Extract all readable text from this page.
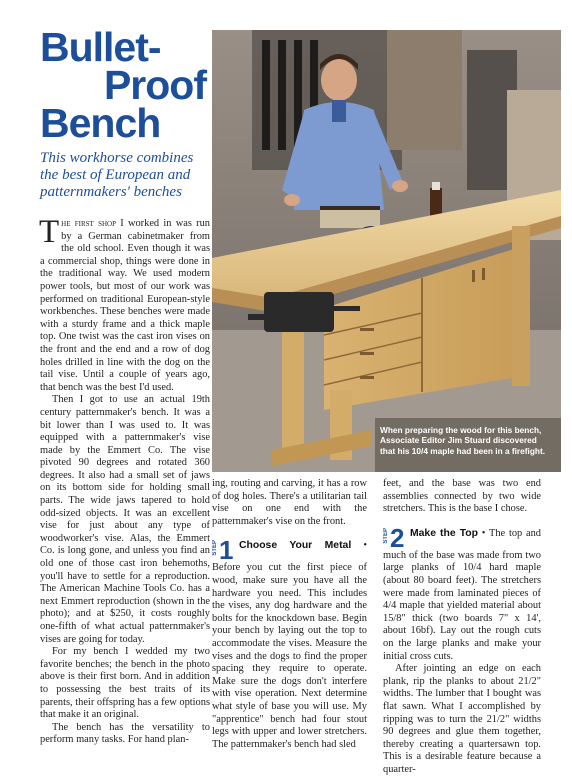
Bullet-
Proof
Bench

This workhorse combines the best of European and patternmakers' benches

The first shop I worked in was run by a German cabinetmaker from the old school. Even though it was a commercial shop, things were done in the traditional way. We used modern power tools, but most of our work was performed on traditional European-style workbenches. These benches were made with a sturdy frame and a thick maple top. One twist was the cast iron vises on the front and the end and a row of dog holes drilled in line with the dog on the tail vise. Until a couple of years ago, that bench was the best I'd used.

Then I got to use an actual 19th century patternmaker's bench. It was a bit lower than I was used to. It was equipped with a patternmaker's vise made by the Emmert Co. The vise pivoted 90 degrees and rotated 360 degrees. It also had a small set of jaws on its bottom side for holding small parts. The wide jaws tapered to hold odd-sized objects. It was an excellent vise for just about any type of woodworker's vise. Alas, the Emmert Co. is long gone, and unless you find an old one of those cast iron behemoths, you'll have to settle for a reproduction. The American Machine Tools Co. has a next Emmert reproduction (shown in the photo); and at $250, it costs roughly one-fifth of what actual patternmaker's vises are going for today.

For my bench I wedded my two favorite benches; the bench in the photo above is their first born. And in addition to possessing the best traits of its parents, their offspring has a few options that make it an original.

The bench has the versatility to perform many tasks. For hand plan-

When preparing the wood for this bench, Associate Editor Jim Stuard discovered that his 10/4 maple had been in a firefight.

ing, routing and carving, it has a row of dog holes. There's a utilitarian tail vise on one end with the patternmaker's vise on the front.

STEP 1 Choose Your Metal • Before you cut the first piece of wood, make sure you have all the hardware you need. This includes the vises, any dog hardware and the bolts for the knockdown base. Begin your bench by laying out the top to accommodate the vises. Measure the vises and the dogs to find the proper spacing they require to operate. Make sure the dogs don't interfere with vise operation. Next determine what style of base you will use. My "apprentice" bench had four stout legs with upper and lower stretchers. The patternmaker's bench had sled

feet, and the base was two end assemblies connected by two wide stretchers. This is the base I chose.

STEP 2 Make the Top • The top and much of the base was made from two large planks of 10/4 hard maple (about 80 board feet). The stretchers were made from laminated pieces of 4/4 maple that yielded material about 15/8" thick (two boards 7" x 14', about 16bf). Lay out the rough cuts on the large planks and make your initial cross cuts.

After jointing an edge on each plank, rip the planks to about 21/2" widths. The lumber that I bought was flat sawn. What I accomplished by ripping was to turn the 21/2" widths 90 degrees and glue them together, thereby creating a quartersawn top. This is a desirable feature because a quarter-
